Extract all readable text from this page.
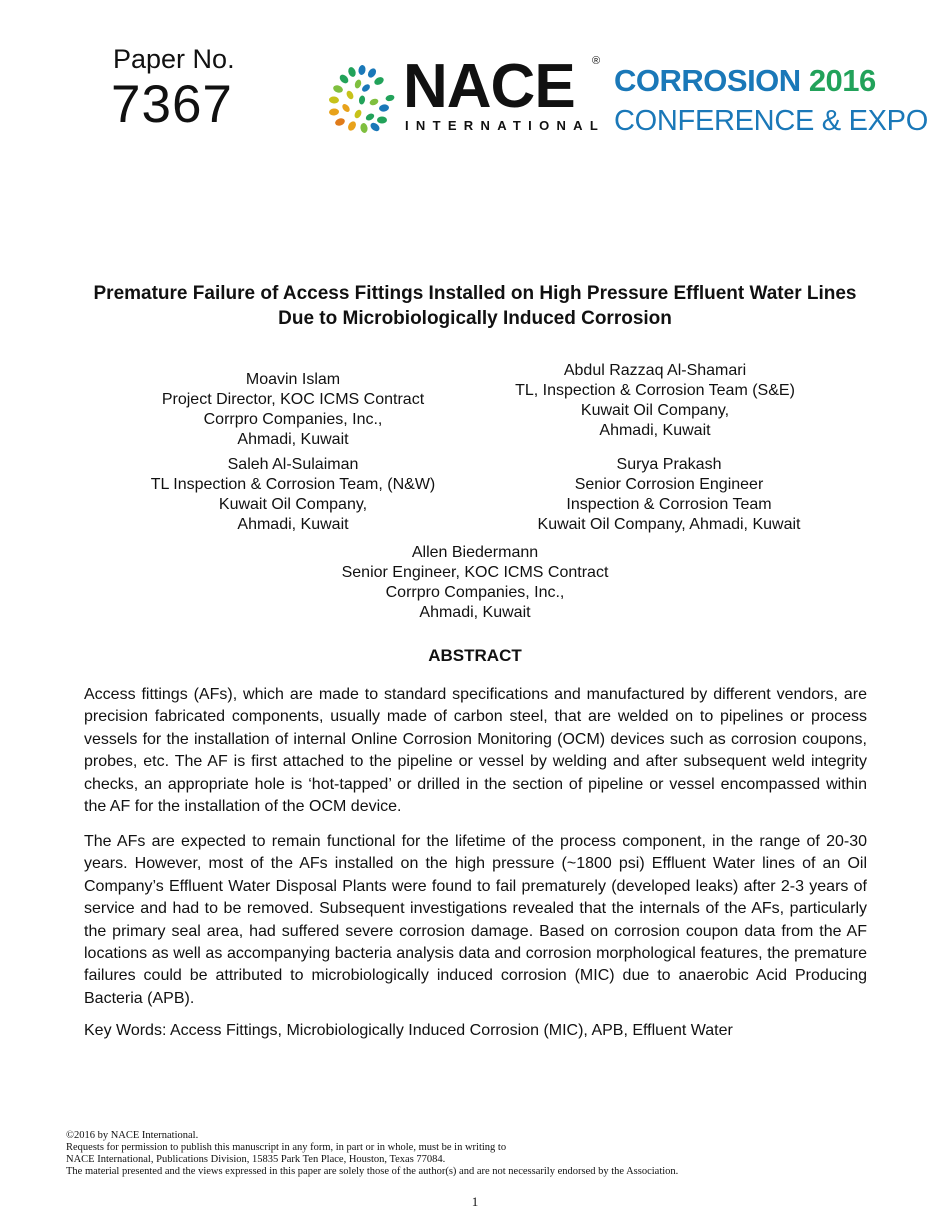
Paper No.
7367	NACE ®
INTERNATIONAL
CORROSION 2016
CONFERENCE & EXPO
Premature Failure of Access Fittings Installed on High Pressure Effluent Water Lines Due to Microbiologically Induced Corrosion
Moavin Islam
Project Director, KOC ICMS Contract
Corrpro Companies, Inc.,
Ahmadi, Kuwait
Abdul Razzaq Al-Shamari
TL, Inspection & Corrosion Team (S&E)
Kuwait Oil Company,
Ahmadi, Kuwait
Saleh Al-Sulaiman
TL Inspection & Corrosion Team, (N&W)
Kuwait Oil Company,
Ahmadi, Kuwait
Surya Prakash
Senior Corrosion Engineer
Inspection & Corrosion Team
Kuwait Oil Company, Ahmadi, Kuwait
Allen Biedermann
Senior Engineer, KOC ICMS Contract
Corrpro Companies, Inc.,
Ahmadi, Kuwait
ABSTRACT
Access fittings (AFs), which are made to standard specifications and manufactured by different vendors, are precision fabricated components, usually made of carbon steel, that are welded on to pipelines or process vessels for the installation of internal Online Corrosion Monitoring (OCM) devices such as corrosion coupons, probes, etc. The AF is first attached to the pipeline or vessel by welding and after subsequent weld integrity checks, an appropriate hole is ‘hot-tapped’ or drilled in the section of pipeline or vessel encompassed within the AF for the installation of the OCM device.
The AFs are expected to remain functional for the lifetime of the process component, in the range of 20-30 years. However, most of the AFs installed on the high pressure (~1800 psi) Effluent Water lines of an Oil Company’s Effluent Water Disposal Plants were found to fail prematurely (developed leaks) after 2-3 years of service and had to be removed. Subsequent investigations revealed that the internals of the AFs, particularly the primary seal area, had suffered severe corrosion damage. Based on corrosion coupon data from the AF locations as well as accompanying bacteria analysis data and corrosion morphological features, the premature failures could be attributed to microbiologically induced corrosion (MIC) due to anaerobic Acid Producing Bacteria (APB).
Key Words: Access Fittings, Microbiologically Induced Corrosion (MIC), APB, Effluent Water
©2016 by NACE International.
Requests for permission to publish this manuscript in any form, in part or in whole, must be in writing to
NACE International, Publications Division, 15835 Park Ten Place, Houston, Texas 77084.
The material presented and the views expressed in this paper are solely those of the author(s) and are not necessarily endorsed by the Association.
1
